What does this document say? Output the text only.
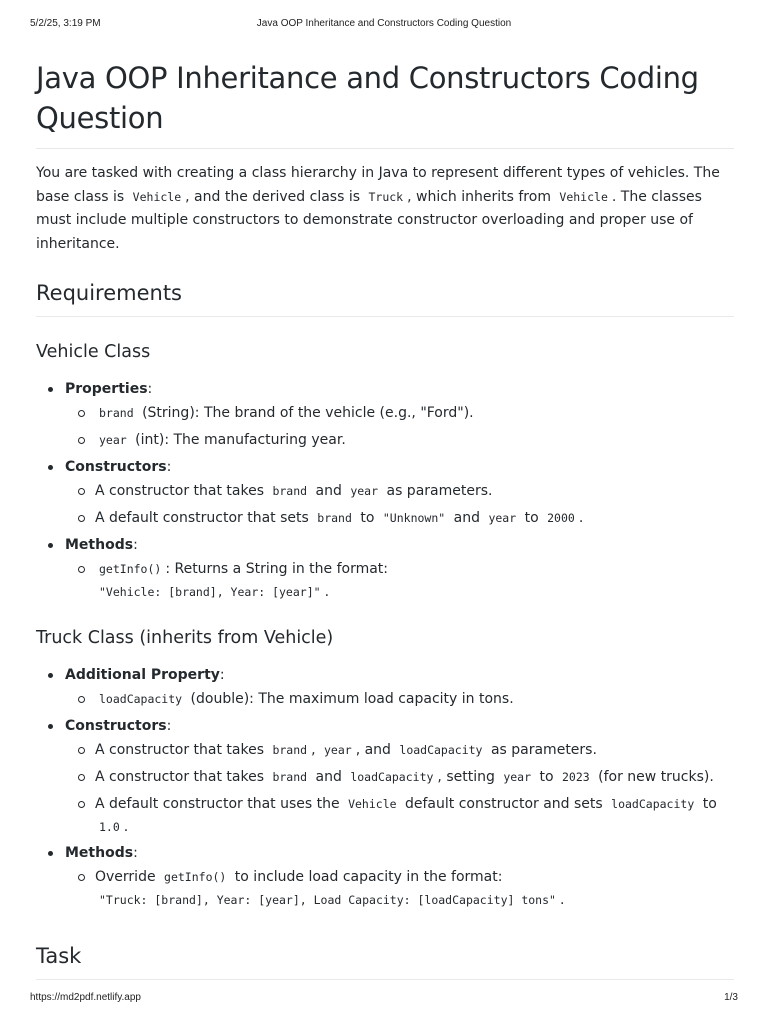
5/2/25, 3:19 PM	Java OOP Inheritance and Constructors Coding Question
Java OOP Inheritance and Constructors Coding Question

You are tasked with creating a class hierarchy in Java to represent different types of vehicles. The base class is Vehicle , and the derived class is Truck , which inherits from Vehicle . The classes must include multiple constructors to demonstrate constructor overloading and proper use of inheritance.

Requirements
Vehicle Class
Properties:
brand (String): The brand of the vehicle (e.g., "Ford").
year (int): The manufacturing year.
Constructors:
A constructor that takes brand and year as parameters.
A default constructor that sets brand to "Unknown" and year to 2000 .
Methods:
getInfo() : Returns a String in the format:
"Vehicle: [brand], Year: [year]" .
Truck Class (inherits from Vehicle)
Additional Property:
loadCapacity (double): The maximum load capacity in tons.
Constructors:
A constructor that takes brand , year , and loadCapacity as parameters.
A constructor that takes brand and loadCapacity , setting year to 2023 (for new trucks).
A default constructor that uses the Vehicle default constructor and sets loadCapacity to
1.0 .
Methods:
Override getInfo() to include load capacity in the format:
"Truck: [brand], Year: [year], Load Capacity: [loadCapacity] tons" .
Task
https://md2pdf.netlify.app	1/3
